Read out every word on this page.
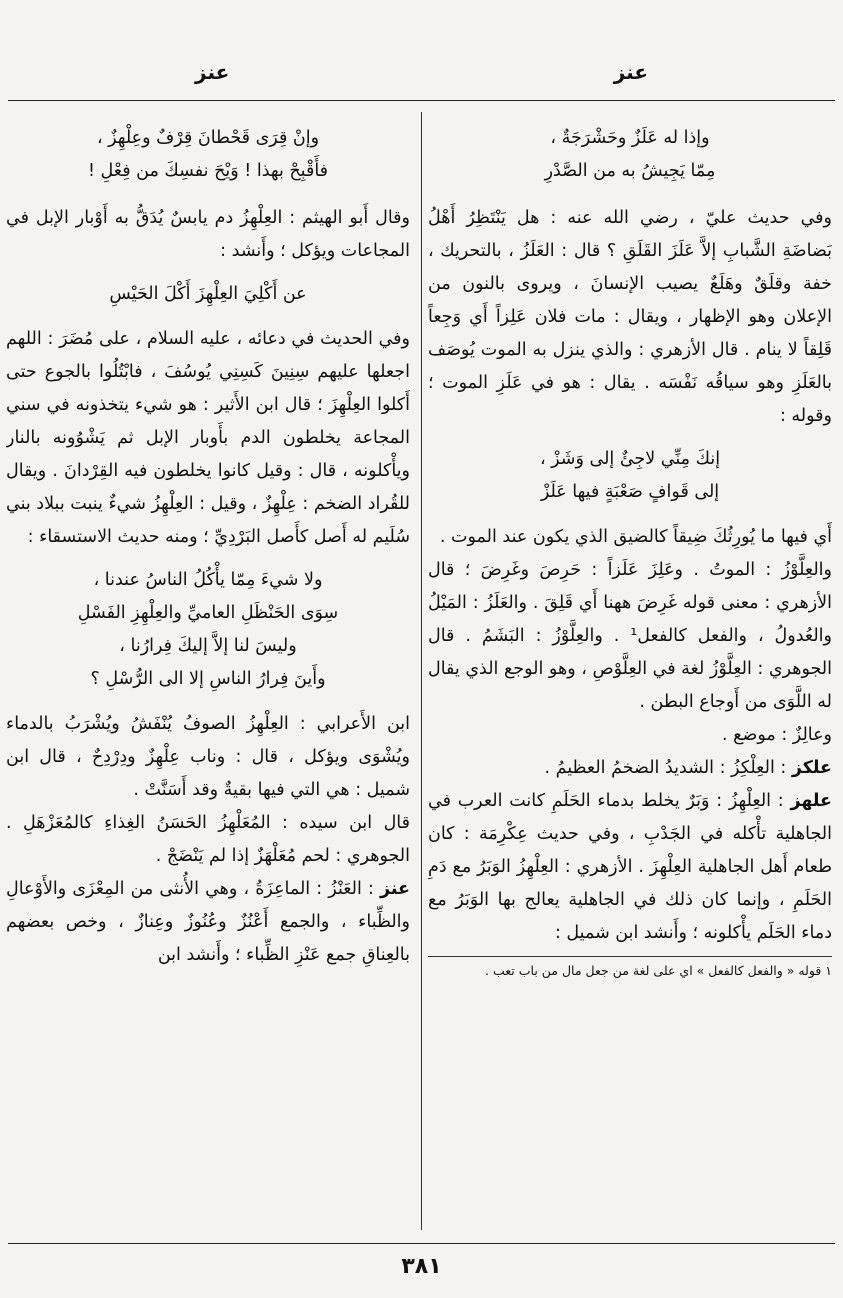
عنز
عنز

وإذا له عَلَزٌ وحَشْرَجَةٌ ،

مِمّا يَجِيشُ به من الصَّدْرِ

وفي حديث عليّ ، رضي الله عنه : هل يَنْتَظِرُ أَهْلُ بَضاضَةِ الشَّبابِ إلاَّ عَلَزَ القَلَقِ ؟ قال : العَلَزُ ، بالتحريك ، خفة وقلَقٌ وهَلَعٌ يصيب الإنسانَ ، ويروى بالنون من الإعلان وهو الإظهار ، ويقال : مات فلان عَلِزاً أَي وَجِعاً قَلِقاً لا ينام . قال الأزهري : والذي ينزل به الموت يُوصَف بالعَلَزِ وهو سياقُه نَفْسَه . يقال : هو في عَلَزِ الموت ؛ وقوله :

إنكَ مِنِّي لاجِئٌ إلى وَشَزْ ،

إلى قَوافٍ صَعْبَةٍ فيها عَلَزْ

أَي فيها ما يُورِثُكَ ضِيقاً كالضيق الذي يكون عند الموت .

والعِلَّوْزُ : الموتُ . وعَلِزَ عَلَزاً : حَرِصَ وغَرِضَ ؛ قال الأزهري : معنى قوله غَرِضَ ههنا أَي قَلِقَ . والعَلَزُ : المَيْلُ والعُدولُ ، والفعل كالفعل¹ . والعِلَّوْزُ : البَشَمُ . قال الجوهري : العِلَّوْزُ لغة في العِلَّوْصِ ، وهو الوجع الذي يقال له اللَّوَى من أَوجاع البطن .

وعالِزٌ : موضع .

علكز : العِلْكِزُ : الشديدُ الضخمُ العظيمُ .

علهز : العِلْهِزُ : وَبَرٌ يخلط بدماء الحَلَمِ كانت العرب في الجاهلية تأْكله في الجَدْبِ ، وفي حديث عِكْرِمَة : كان طعام أَهل الجاهلية العِلْهِزَ . الأزهري : العِلْهِزُ الوَبَرُ مع دَمِ الحَلَمِ ، وإنما كان ذلك في الجاهلية يعالج بها الوَبَرُ مع دماء الحَلَم يأْكلونه ؛ وأَنشد ابن شميل :

١ قوله « والفعل كالفعل » اي على لغة من جعل مال من باب تعب .

وإنْ قِرَى قَحْطانَ قِرْفٌ وعِلْهِزٌ ،

فأَقْبِحْ بهذا ! وَيْحَ نفسِكَ من فِعْلِ !

وقال أَبو الهيثم : العِلْهِزُ دم يابسٌ يُدَقُّ به أَوْبار الإبل في المجاعات ويؤكل ؛ وأَنشد :

عن أَكْلِيَ العِلْهِزَ أَكْلَ الحَيْسِ

وفي الحديث في دعائه ، عليه السلام ، على مُضَرَ : اللهم اجعلها عليهم سِنِينَ كَسِنِي يُوسُفَ ، فابْتُلُوا بالجوع حتى أَكلوا العِلْهِزَ ؛ قال ابن الأَثير : هو شيء يتخذونه في سني المجاعة يخلطون الدم بأَوبار الإبل ثم يَشْوُونه بالنار ويأْكلونه ، قال : وقيل كانوا يخلطون فيه القِرْدانَ . ويقال للقُراد الضخم : عِلْهِزٌ ، وقيل : العِلْهِزُ شيءٌ ينبت ببلاد بني سُلَيم له أَصل كأَصل البَرْدِيِّ ؛ ومنه حديث الاستسقاء :

ولا شيءَ مِمّا يأْكُلُ الناسُ عندنا ،

سِوَى الحَنْظَلِ العاميِّ والعِلْهِزِ الفَسْلِ

وليسَ لنا إلاَّ إليكَ فِرارُنا ،

وأَينَ فِرارُ الناسِ إلا الى الرُّسْلِ ؟

ابن الأَعرابي : العِلْهِزُ الصوفُ يُنْفَشُ ويُشْرَبُ بالدماء ويُشْوَى ويؤكل ، قال : وناب عِلْهِزٌ ودِرْدِحٌ ، قال ابن شميل : هي التي فيها بقيةٌ وقد أَسَنَّتْ .

قال ابن سيده : المُعَلْهِزُ الحَسَنُ الغِذاءِ كالمُعَزْهَلِ . الجوهري : لحم مُعَلْهَزٌ إذا لم يَنْضَجْ .

عنز : العَنْزُ : الماعِزَةُ ، وهي الأُنثى من المِعْزَى والأَوْعالِ والظِّباء ، والجمع أَعْنُزٌ وعُنُوزٌ وعِنازٌ ، وخص بعضهم بالعِناقِ جمع عَنْزِ الظِّباء ؛ وأَنشد ابن

٣٨١
